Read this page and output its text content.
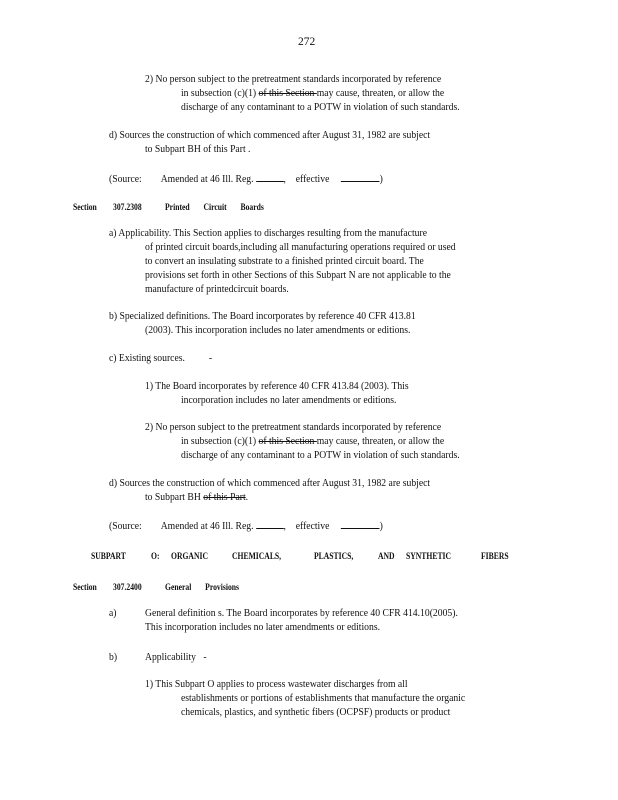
272
2) No person subject to the pretreatment standards incorporated by reference
in subsection (c)(1) of this Section may cause, threaten, or allow the
discharge of any contaminant to a POTW in violation of such standards.
d) Sources the construction of which commenced after August 31, 1982 are subject
to Subpart BH of this Part .
(Source: Amended at 46 Ill. Reg.	, effective	)
Section 307.2308	Printed Circuit Boards
a) Applicability. This Section applies to discharges resulting from the manufacture
of printed circuit boards,including all manufacturing operations required or used
to convert an insulating substrate to a finished printed circuit board. The
provisions set forth in other Sections of this Subpart N are not applicable to the
manufacture of printedcircuit boards.
b) Specialized definitions. The Board incorporates by reference 40 CFR 413.81
(2003). This incorporation includes no later amendments or editions.
c) Existing sources. -
1) The Board incorporates by reference 40 CFR 413.84 (2003). This
incorporation includes no later amendments or editions.
2) No person subject to the pretreatment standards incorporated by reference
in subsection (c)(1) of this Section may cause, threaten, or allow the
discharge of any contaminant to a POTW in violation of such standards.
d) Sources the construction of which commenced after August 31, 1982 are subject
to Subpart BH of this Part.
(Source: Amended at 46 Ill. Reg.	, effective	)
SUBPART	O: ORGANIC	CHEMICALS,	PLASTICS,	AND SYNTHETIC	FIBERS
Section 307.2400	General Provisions
a)	General definition s. The Board incorporates by reference 40 CFR 414.10(2005).
This incorporation includes no later amendments or editions.
b)	Applicability -
1) This Subpart O applies to process wastewater discharges from all
establishments or portions of establishments that manufacture the organic
chemicals, plastics, and synthetic fibers (OCPSF) products or product
